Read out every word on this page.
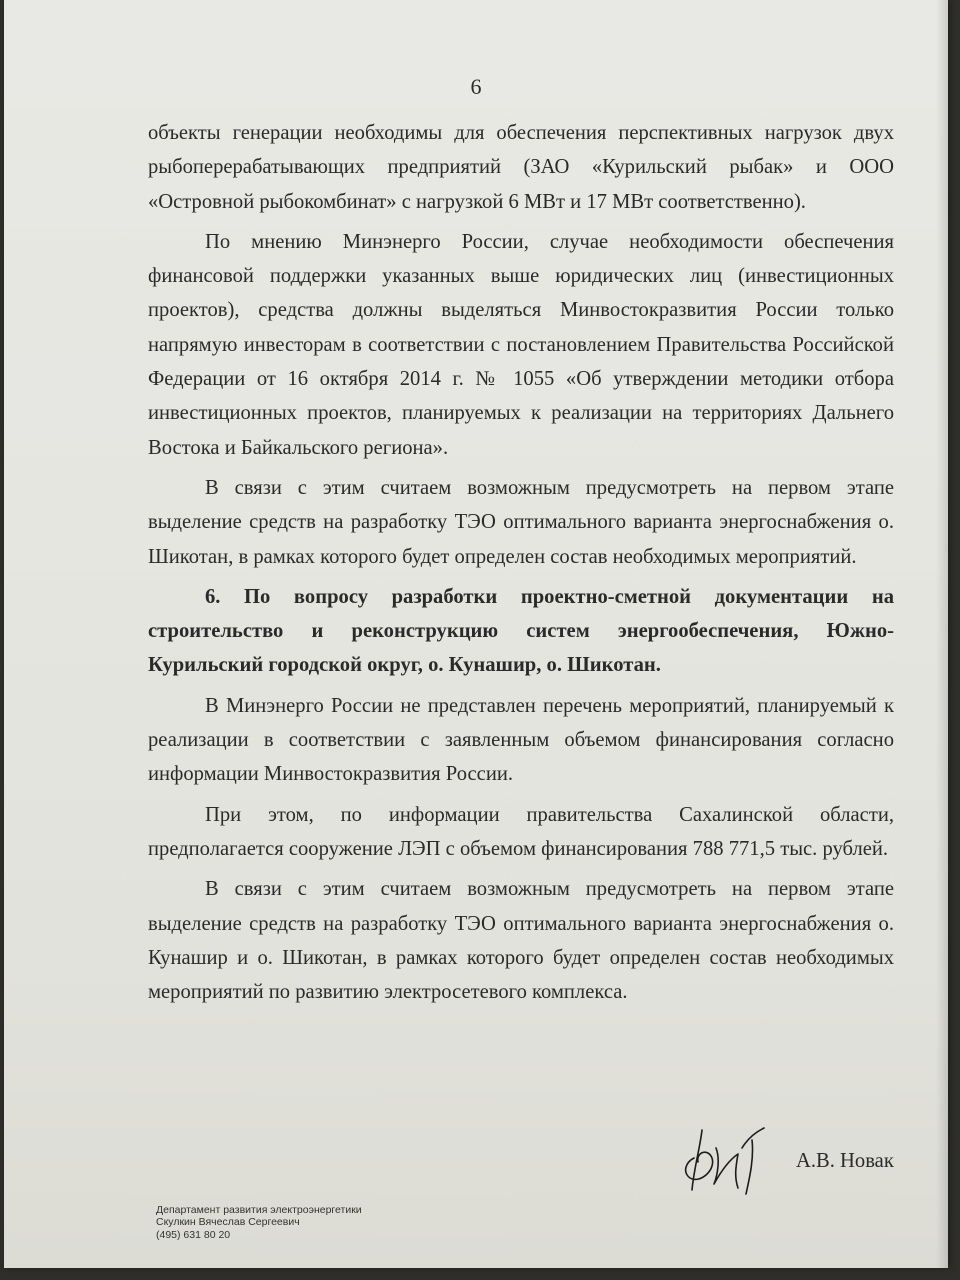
6

объекты генерации необходимы для обеспечения перспективных нагрузок двух рыбоперерабатывающих предприятий (ЗАО «Курильский рыбак» и ООО «Островной рыбокомбинат» с нагрузкой 6 МВт и 17 МВт соответственно).

По мнению Минэнерго России, случае необходимости обеспечения финансовой поддержки указанных выше юридических лиц (инвестиционных проектов), средства должны выделяться Минвостокразвития России только напрямую инвесторам в соответствии с постановлением Правительства Российской Федерации от 16 октября 2014 г. № 1055 «Об утверждении методики отбора инвестиционных проектов, планируемых к реализации на территориях Дальнего Востока и Байкальского региона».

В связи с этим считаем возможным предусмотреть на первом этапе выделение средств на разработку ТЭО оптимального варианта энергоснабжения о. Шикотан, в рамках которого будет определен состав необходимых мероприятий.

6. По вопросу разработки проектно-сметной документации на строительство и реконструкцию систем энергообеспечения, Южно-Курильский городской округ, о. Кунашир, о. Шикотан.

В Минэнерго России не представлен перечень мероприятий, планируемый к реализации в соответствии с заявленным объемом финансирования согласно информации Минвостокразвития России.

При этом, по информации правительства Сахалинской области, предполагается сооружение ЛЭП с объемом финансирования 788 771,5 тыс. рублей.

В связи с этим считаем возможным предусмотреть на первом этапе выделение средств на разработку ТЭО оптимального варианта энергоснабжения о. Кунашир и о. Шикотан, в рамках которого будет определен состав необходимых мероприятий по развитию электросетевого комплекса.

А.В. Новак
Департамент развития электроэнергетики
Скулкин Вячеслав Сергеевич
(495) 631 80 20
